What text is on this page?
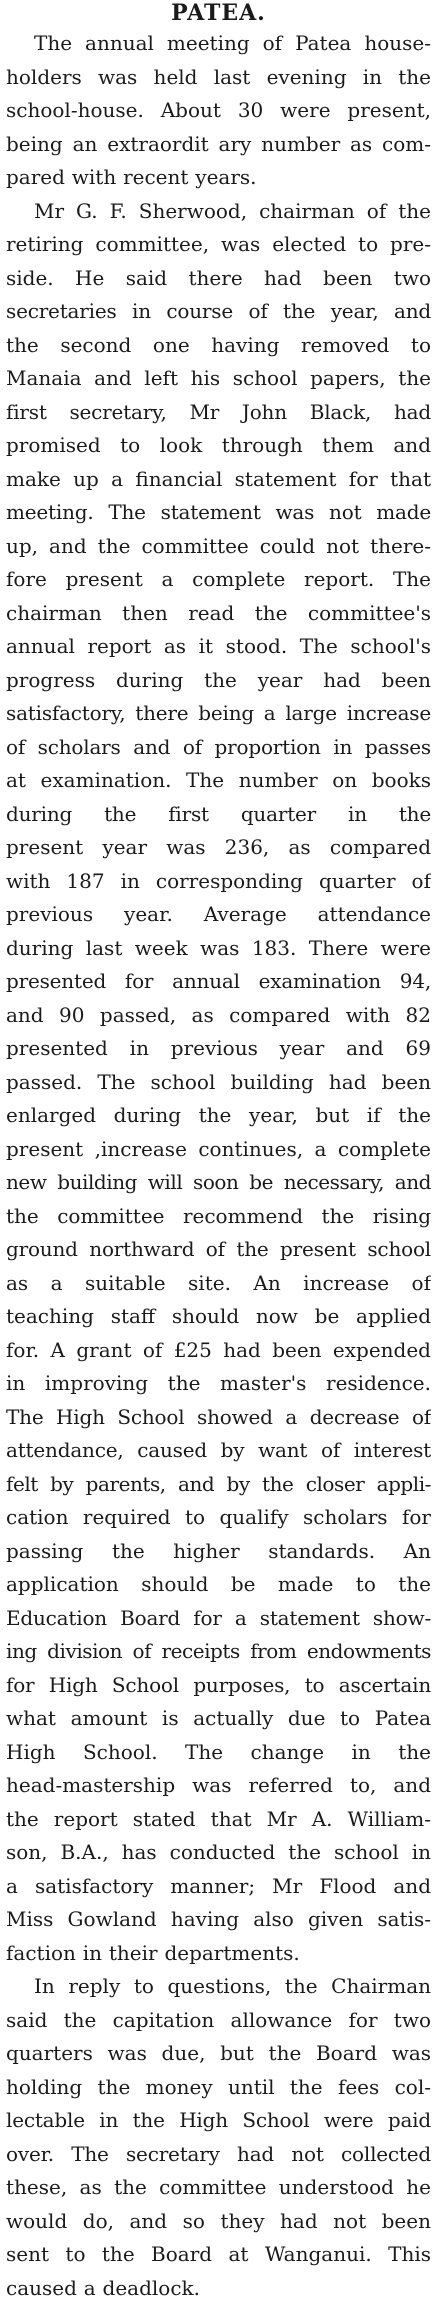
PATEA.
The annual meeting of Patea house-
holders was held last evening in the
school-house. About 30 were present,
being an extraordit ary number as com-
pared with recent years.
Mr G. F. Sherwood, chairman of the
retiring committee, was elected to pre-
side. He said there had been two
secretaries in course of the year, and
the second one having removed to
Manaia and left his school papers, the
first secretary, Mr John Black, had
promised to look through them and
make up a financial statement for that
meeting. The statement was not made
up, and the committee could not there-
fore present a complete report. The
chairman then read the committee's
annual report as it stood. The school's
progress during the year had been
satisfactory, there being a large increase
of scholars and of proportion in passes
at examination. The number on books
during the first quarter in the
present year was 236, as compared
with 187 in corresponding quarter of
previous year. Average attendance
during last week was 183. There were
presented for annual examination 94,
and 90 passed, as compared with 82
presented in previous year and 69
passed. The school building had been
enlarged during the year, but if the
present ,increase continues, a complete
new building will soon be necessary, and
the committee recommend the rising
ground northward of the present school
as a suitable site. An increase of
teaching staff should now be applied
for. A grant of £25 had been expended
in improving the master's residence.
The High School showed a decrease of
attendance, caused by want of interest
felt by parents, and by the closer appli-
cation required to qualify scholars for
passing the higher standards. An
application should be made to the
Education Board for a statement show-
ing division of receipts from endowments
for High School purposes, to ascertain
what amount is actually due to Patea
High School. The change in the
head-mastership was referred to, and
the report stated that Mr A. William-
son, B.A., has conducted the school in
a satisfactory manner; Mr Flood and
Miss Gowland having also given satis-
faction in their departments.
In reply to questions, the Chairman
said the capitation allowance for two
quarters was due, but the Board was
holding the money until the fees col-
lectable in the High School were paid
over. The secretary had not collected
these, as the committee understood he
would do, and so they had not been
sent to the Board at Wanganui. This
caused a deadlock.
